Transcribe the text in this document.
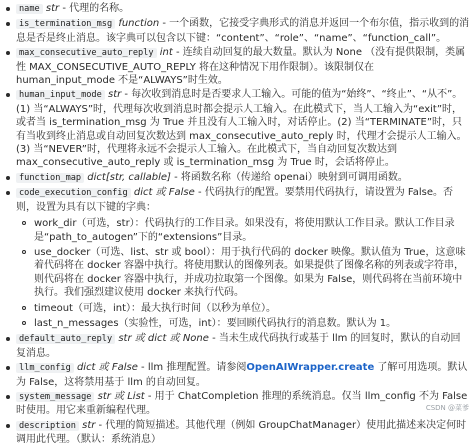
name str - 代理的名称。
is_termination_msg function - 一个函数，它接受字典形式的消息并返回一个布尔值，指示收到的消息是否是终止消息。该字典可以包含以下键：“content”、“role”、“name”、“function_call”。
max_consecutive_auto_reply int - 连续自动回复的最大数量。默认为 None （没有提供限制，类属性 MAX_CONSECUTIVE_AUTO_REPLY 将在这种情况下用作限制）。该限制仅在 human_input_mode 不是“ALWAYS”时生效。
human_input_mode str - 每次收到消息时是否要求人工输入。可能的值为“始终”、“终止”、“从不”。 (1) 当“ALWAYS”时，代理每次收到消息时都会提示人工输入。在此模式下，当人工输入为“exit”时，或者当 is_termination_msg 为 True 并且没有人工输入时，对话停止。(2) 当“TERMINATE”时，只有当收到终止消息或自动回复次数达到 max_consecutive_auto_reply 时，代理才会提示人工输入。(3) 当“NEVER”时，代理将永远不会提示人工输入。在此模式下，当自动回复次数达到 max_consecutive_auto_reply 或 is_termination_msg 为 True 时，会话将停止。
function_map dict[str, callable] - 将函数名称（传递给 openai）映射到可调用函数。
code_execution_config dict 或 False - 代码执行的配置。要禁用代码执行，请设置为 False。否则，设置为具有以下键的字典：
work_dir（可选，str）：代码执行的工作目录。如果没有，将使用默认工作目录。默认工作目录是“path_to_autogen”下的“extensions”目录。
use_docker（可选、list、str 或 bool）：用于执行代码的 docker 映像。默认值为 True，这意味着代码将在 docker 容器中执行。将使用默认的图像列表。如果提供了图像名称的列表或字符串，则代码将在 docker 容器中执行，并成功拉取第一个图像。如果为 False，则代码将在当前环境中执行。我们强烈建议使用 docker 来执行代码。
timeout（可选，int）：最大执行时间（以秒为单位）。
last_n_messages（实验性，可选，int）：要回顾代码执行的消息数。默认为 1。
default_auto_reply str 或 dict 或 None - 当未生成代码执行或基于 llm 的回复时，默认的自动回复消息。
llm_config dict 或 False - llm 推理配置。请参阅OpenAIWrapper.create 了解可用选项。默认为 False，这将禁用基于 llm 的自动回复。
system_message str 或 List - 用于 ChatCompletion 推理的系统消息。仅当 llm_config 不为 False 时使用。用它来重新编程代理。
description str - 代理的简短描述。其他代理（例如 GroupChatManager）使用此描述来决定何时调用此代理。（默认：系统消息）
CSDN @菜爹
